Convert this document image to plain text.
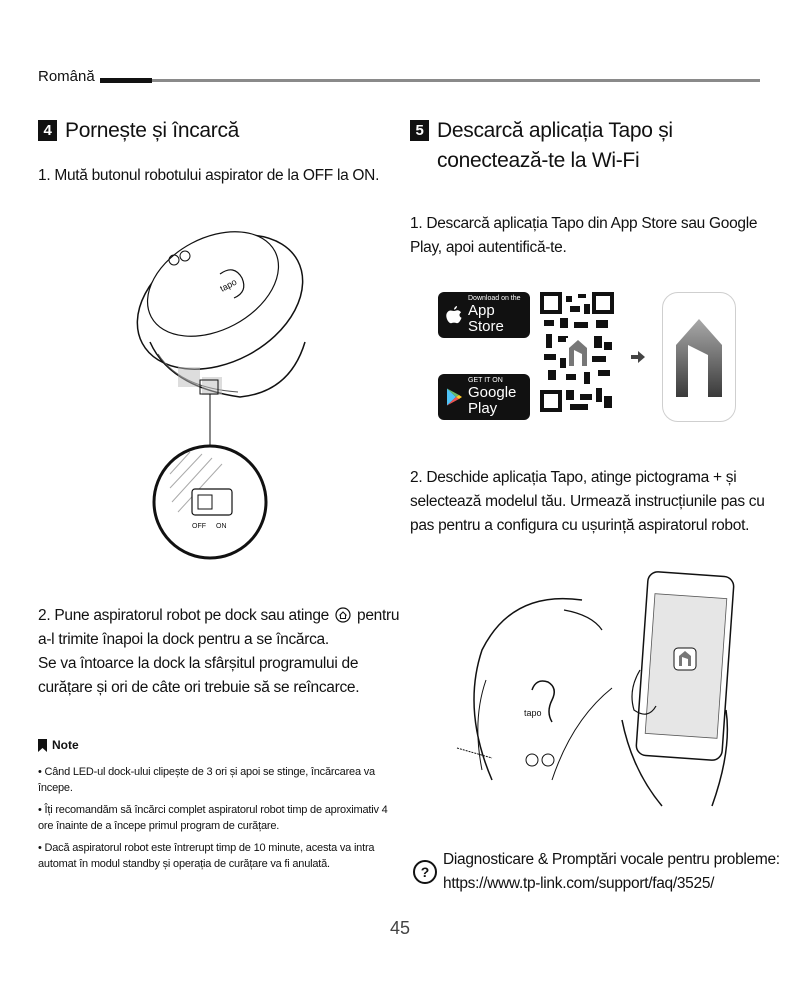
Română
4 Pornește și încarcă
1. Mută butonul robotului aspirator de la OFF la ON.
tapo
OFF ON
2. Pune aspiratorul robot pe dock sau atinge pentru a-l trimite înapoi la dock pentru a se încărca.
Se va întoarce la dock la sfârșitul programului de curățare și ori de câte ori trebuie să se reîncarce.
Note

• Când LED-ul dock-ului clipește de 3 ori și apoi se stinge, încărcarea va începe.

• Îți recomandăm să încărci complet aspiratorul robot timp de aproximativ 4 ore înainte de a începe primul program de curățare.

• Dacă aspiratorul robot este întrerupt timp de 10 minute, acesta va intra automat în modul standby și operația de curățare va fi anulată.

5 Descarcă aplicația Tapo și conectează-te la Wi-Fi
1. Descarcă aplicația Tapo din App Store sau Google Play, apoi autentifică-te.
Download on the
App Store
GET IT ON
Google Play
2. Deschide aplicația Tapo, atinge pictograma + și selectează modelul tău. Urmează instrucțiunile pas cu pas pentru a configura cu ușurință aspiratorul robot.
tapo
?
Diagnosticare & Promptări vocale pentru probleme:
https://www.tp-link.com/support/faq/3525/
45
